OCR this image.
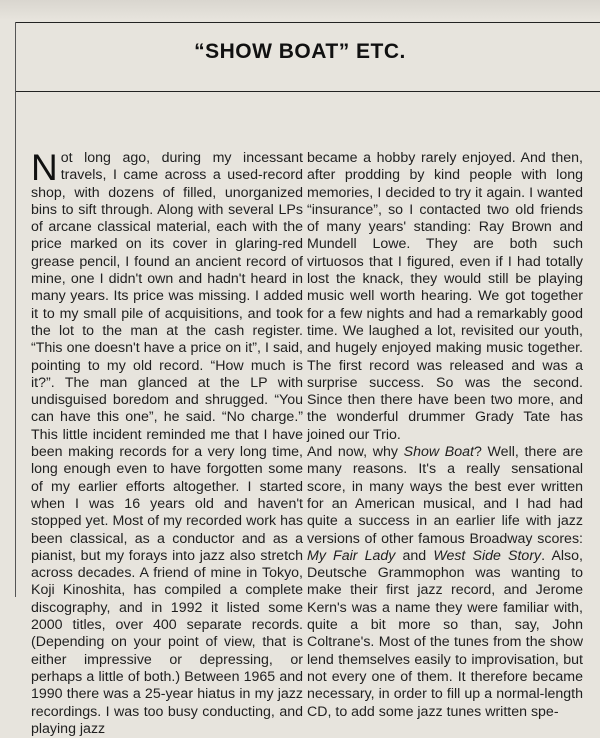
“SHOW BOAT” ETC.

Not long ago, during my incessant travels, I came across a used-record shop, with dozens of filled, unorganized bins to sift through. Along with several LPs of arcane classical material, each with the price marked on its cover in glaring-red grease pencil, I found an ancient record of mine, one I didn't own and hadn't heard in many years. Its price was missing. I added it to my small pile of acquisitions, and took the lot to the man at the cash register. “This one doesn't have a price on it”, I said, pointing to my old record. “How much is it?”. The man glanced at the LP with undisguised boredom and shrugged. “You can have this one”, he said. “No charge.” This little incident reminded me that I have been making records for a very long time, long enough even to have forgotten some of my earlier efforts altogether. I started when I was 16 years old and haven't stopped yet. Most of my recorded work has been classical, as a conductor and as a pianist, but my forays into jazz also stretch across decades. A friend of mine in Tokyo, Koji Kinoshita, has compiled a complete discography, and in 1992 it listed some 2000 titles, over 400 separate records. (Depending on your point of view, that is either impressive or depressing, or perhaps a little of both.) Between 1965 and 1990 there was a 25-year hiatus in my jazz recordings. I was too busy conducting, and playing jazz

became a hobby rarely enjoyed. And then, after prodding by kind people with long memories, I decided to try it again. I wanted “insurance”, so I contacted two old friends of many years' standing: Ray Brown and Mundell Lowe. They are both such virtuosos that I figured, even if I had totally lost the knack, they would still be playing music well worth hearing. We got together for a few nights and had a remarkably good time. We laughed a lot, revisited our youth, and hugely enjoyed making music together. The first record was released and was a surprise success. So was the second. Since then there have been two more, and the wonderful drummer Grady Tate has joined our Trio.

And now, why Show Boat? Well, there are many reasons. It's a really sensational score, in many ways the best ever written for an American musical, and I had had quite a success in an earlier life with jazz versions of other famous Broadway scores: My Fair Lady and West Side Story. Also, Deutsche Grammophon was wanting to make their first jazz record, and Jerome Kern's was a name they were familiar with, quite a bit more so than, say, John Coltrane's. Most of the tunes from the show lend themselves easily to improvisation, but not every one of them. It therefore became necessary, in order to fill up a normal-length CD, to add some jazz tunes written spe-
